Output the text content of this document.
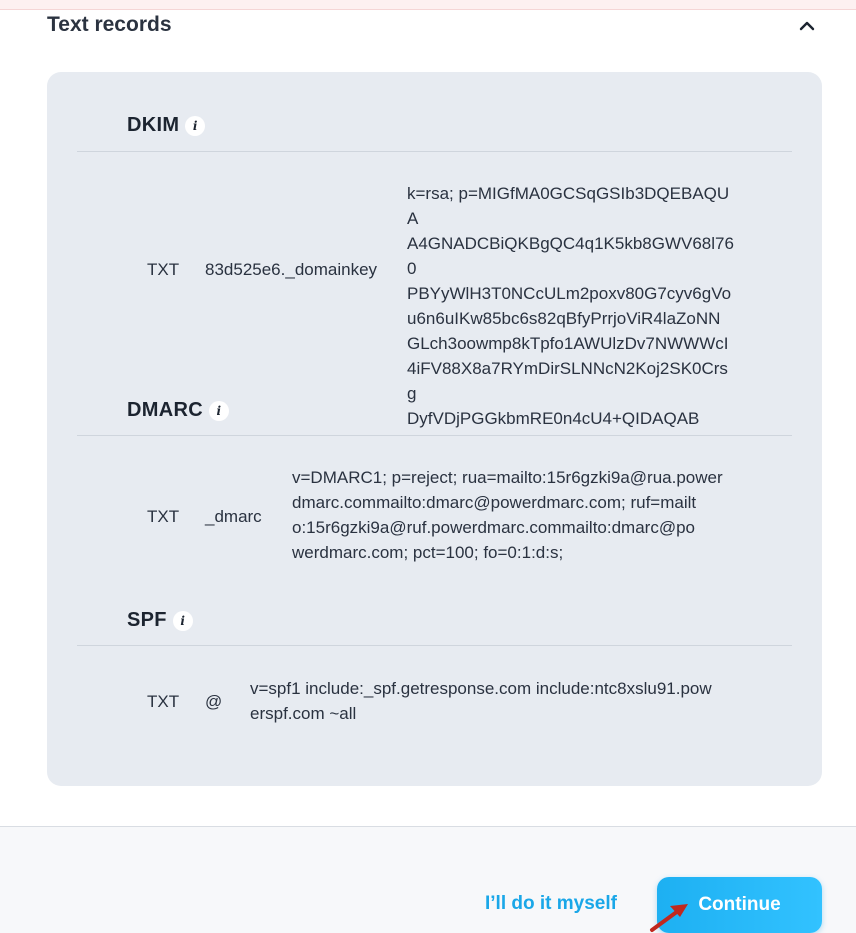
Text records
DKIM	i
TXT 83d525e6._domainkey
k=rsa; p=MIGfMA0GCSqGSIb3DQEBAQUA
A4GNADCBiQKBgQC4q1K5kb8GWV68l760
PBYyWlH3T0NCcULm2poxv80G7cyv6gVo
u6n6uIKw85bc6s82qBfyPrrjoViR4laZoNN
GLch3oowmp8kTpfo1AWUlzDv7NWWWcI
4iFV88X8a7RYmDirSLNNcN2Koj2SK0Crsg
DyfVDjPGGkbmRE0n4cU4+QIDAQAB
DMARC	i
TXT _dmarc
v=DMARC1; p=reject; rua=mailto:15r6gzki9a@rua.power
dmarc.commailto:dmarc@powerdmarc.com; ruf=mailt
o:15r6gzki9a@ruf.powerdmarc.commailto:dmarc@po
werdmarc.com; pct=100; fo=0:1:d:s;
SPF	i
TXT @
v=spf1 include:_spf.getresponse.com include:ntc8xslu91.pow
erspf.com ~all
I’ll do it myself	Continue
